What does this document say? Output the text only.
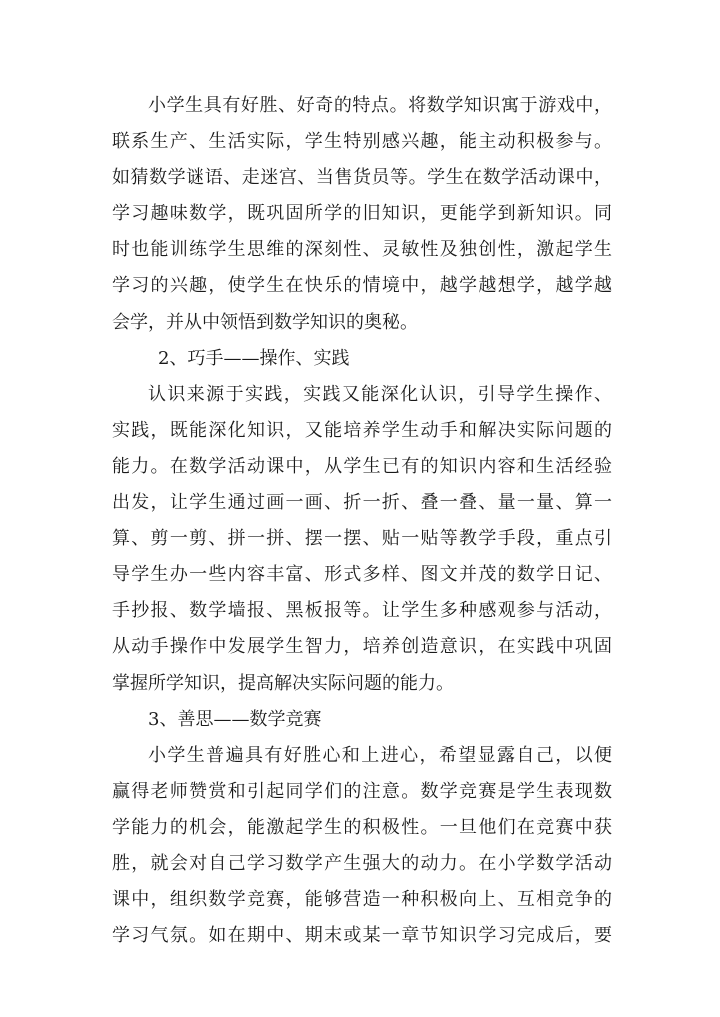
小学生具有好胜、好奇的特点。将数学知识寓于游戏中，
联系生产、生活实际，学生特别感兴趣，能主动积极参与。
如猜数学谜语、走迷宫、当售货员等。学生在数学活动课中，
学习趣味数学，既巩固所学的旧知识，更能学到新知识。同
时也能训练学生思维的深刻性、灵敏性及独创性，激起学生
学习的兴趣，使学生在快乐的情境中，越学越想学，越学越
会学，并从中领悟到数学知识的奥秘。
2、巧手——操作、实践
认识来源于实践，实践又能深化认识，引导学生操作、
实践，既能深化知识，又能培养学生动手和解决实际问题的
能力。在数学活动课中，从学生已有的知识内容和生活经验
出发，让学生通过画一画、折一折、叠一叠、量一量、算一
算、剪一剪、拼一拼、摆一摆、贴一贴等教学手段，重点引
导学生办一些内容丰富、形式多样、图文并茂的数学日记、
手抄报、数学墙报、黑板报等。让学生多种感观参与活动，
从动手操作中发展学生智力，培养创造意识，在实践中巩固
掌握所学知识，提高解决实际问题的能力。
3、善思——数学竞赛
小学生普遍具有好胜心和上进心，希望显露自己，以便
赢得老师赞赏和引起同学们的注意。数学竞赛是学生表现数
学能力的机会，能激起学生的积极性。一旦他们在竞赛中获
胜，就会对自己学习数学产生强大的动力。在小学数学活动
课中，组织数学竞赛，能够营造一种积极向上、互相竞争的
学习气氛。如在期中、期末或某一章节知识学习完成后，要
